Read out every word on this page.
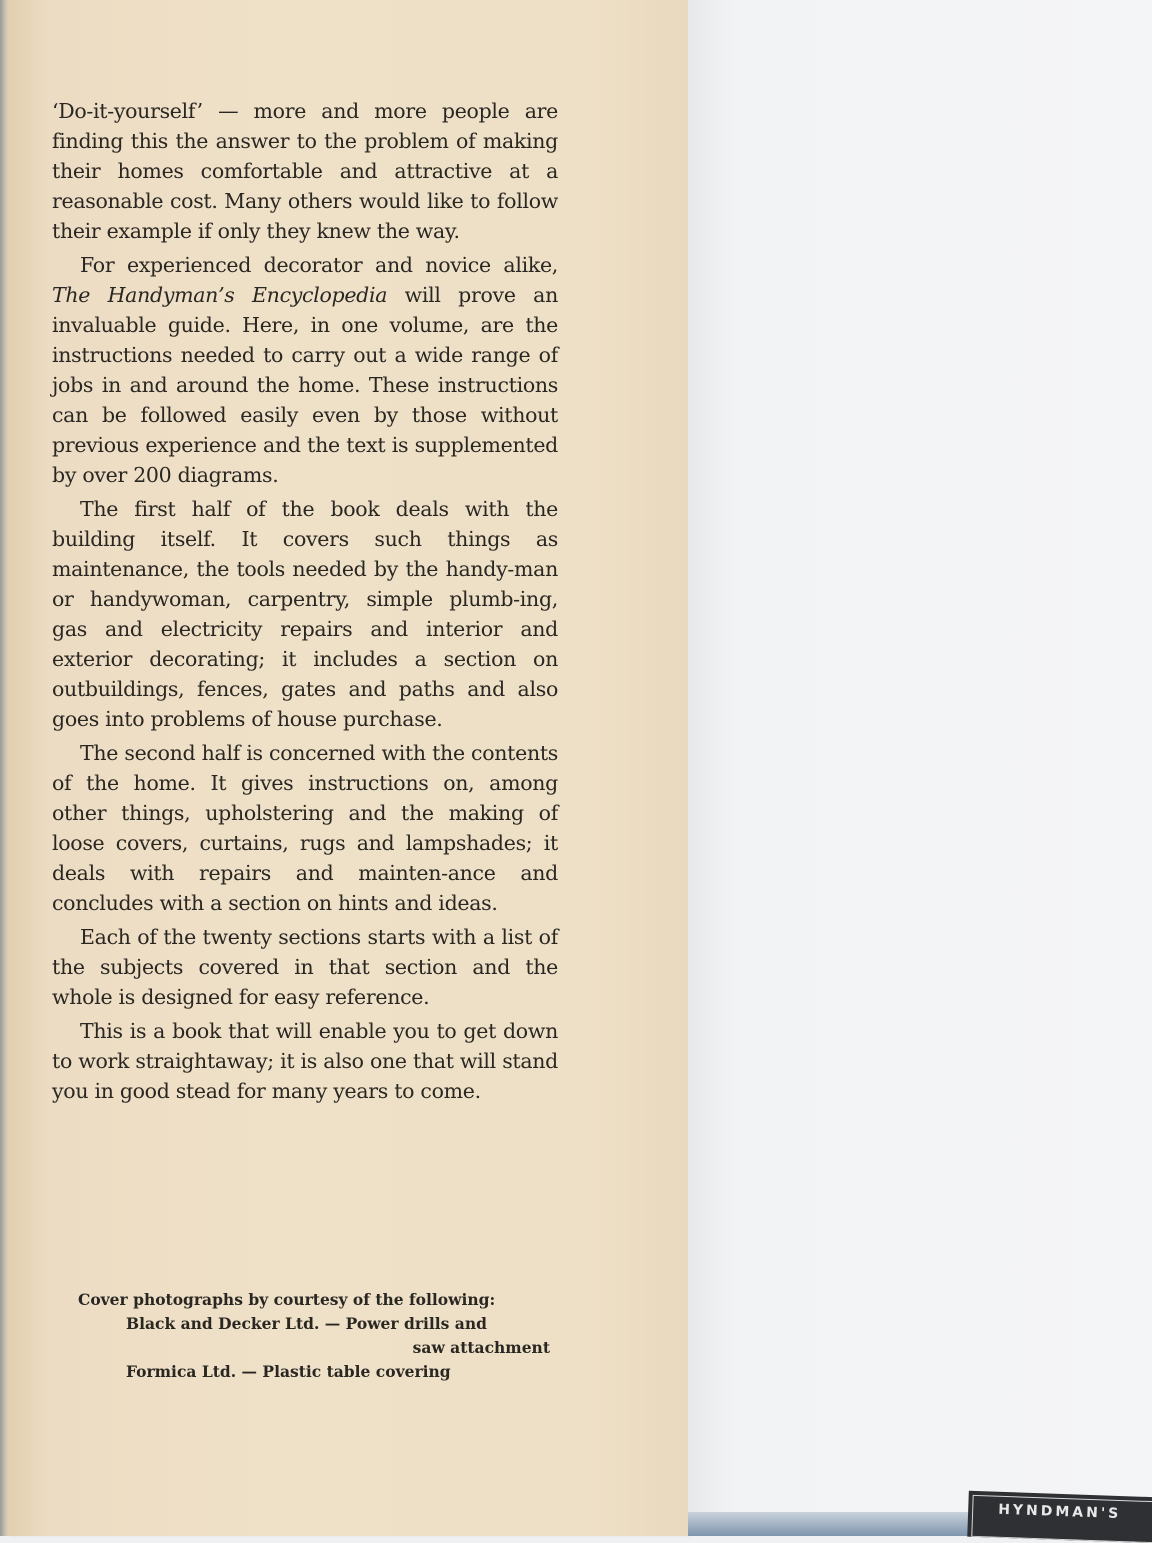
‘Do-it-yourself’ — more and more people are finding this the answer to the problem of making their homes comfortable and attractive at a reasonable cost. Many others would like to follow their example if only they knew the way.

For experienced decorator and novice alike, The Handyman’s Encyclopedia will prove an invaluable guide. Here, in one volume, are the instructions needed to carry out a wide range of jobs in and around the home. These instructions can be followed easily even by those without previous experience and the text is supplemented by over 200 diagrams.

The first half of the book deals with the building itself. It covers such things as maintenance, the tools needed by the handy-man or handywoman, carpentry, simple plumb-ing, gas and electricity repairs and interior and exterior decorating; it includes a section on outbuildings, fences, gates and paths and also goes into problems of house purchase.

The second half is concerned with the contents of the home. It gives instructions on, among other things, upholstering and the making of loose covers, curtains, rugs and lampshades; it deals with repairs and mainten-ance and concludes with a section on hints and ideas.

Each of the twenty sections starts with a list of the subjects covered in that section and the whole is designed for easy reference.

This is a book that will enable you to get down to work straightaway; it is also one that will stand you in good stead for many years to come.

Cover photographs by courtesy of the following:
Black and Decker Ltd. — Power drills and
saw attachment
Formica Ltd. — Plastic table covering
HYNDMAN'S
